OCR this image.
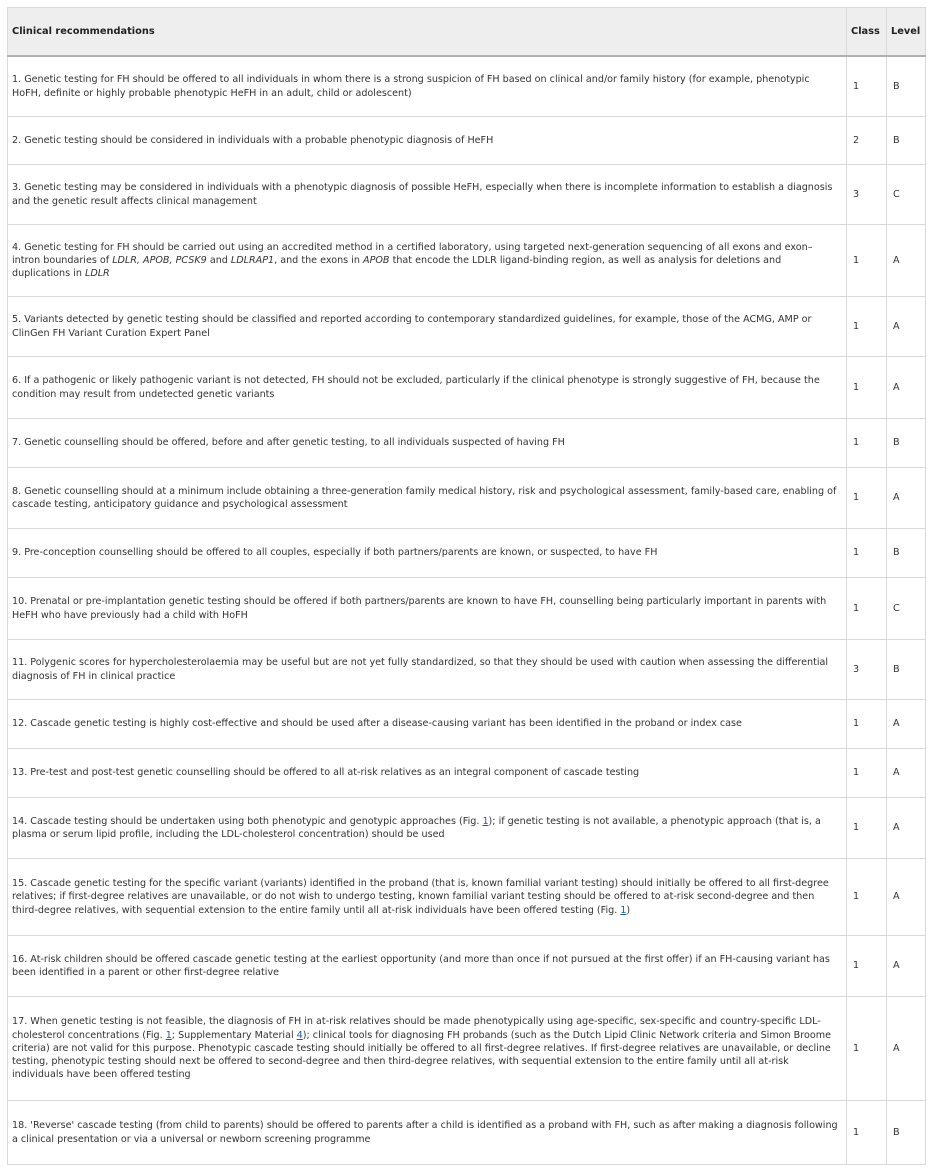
Clinical recommendations	Class	Level
1. Genetic testing for FH should be offered to all individuals in whom there is a strong suspicion of FH based on clinical and/or family history (for example, phenotypic HoFH, definite or highly probable phenotypic HeFH in an adult, child or adolescent)	1	B
2. Genetic testing should be considered in individuals with a probable phenotypic diagnosis of HeFH	2	B
3. Genetic testing may be considered in individuals with a phenotypic diagnosis of possible HeFH, especially when there is incomplete information to establish a diagnosis and the genetic result affects clinical management	3	C
4. Genetic testing for FH should be carried out using an accredited method in a certified laboratory, using targeted next-generation sequencing of all exons and exon–intron boundaries of LDLR, APOB, PCSK9 and LDLRAP1, and the exons in APOB that encode the LDLR ligand-binding region, as well as analysis for deletions and duplications in LDLR	1	A
5. Variants detected by genetic testing should be classified and reported according to contemporary standardized guidelines, for example, those of the ACMG, AMP or ClinGen FH Variant Curation Expert Panel	1	A
6. If a pathogenic or likely pathogenic variant is not detected, FH should not be excluded, particularly if the clinical phenotype is strongly suggestive of FH, because the condition may result from undetected genetic variants	1	A
7. Genetic counselling should be offered, before and after genetic testing, to all individuals suspected of having FH	1	B
8. Genetic counselling should at a minimum include obtaining a three-generation family medical history, risk and psychological assessment, family-based care, enabling of cascade testing, anticipatory guidance and psychological assessment	1	A
9. Pre-conception counselling should be offered to all couples, especially if both partners/parents are known, or suspected, to have FH	1	B
10. Prenatal or pre-implantation genetic testing should be offered if both partners/parents are known to have FH, counselling being particularly important in parents with HeFH who have previously had a child with HoFH	1	C
11. Polygenic scores for hypercholesterolaemia may be useful but are not yet fully standardized, so that they should be used with caution when assessing the differential diagnosis of FH in clinical practice	3	B
12. Cascade genetic testing is highly cost-effective and should be used after a disease-causing variant has been identified in the proband or index case	1	A
13. Pre-test and post-test genetic counselling should be offered to all at-risk relatives as an integral component of cascade testing	1	A
14. Cascade testing should be undertaken using both phenotypic and genotypic approaches (Fig. 1); if genetic testing is not available, a phenotypic approach (that is, a plasma or serum lipid profile, including the LDL-cholesterol concentration) should be used	1	A
15. Cascade genetic testing for the specific variant (variants) identified in the proband (that is, known familial variant testing) should initially be offered to all first-degree relatives; if first-degree relatives are unavailable, or do not wish to undergo testing, known familial variant testing should be offered to at-risk second-degree and then third-degree relatives, with sequential extension to the entire family until all at-risk individuals have been offered testing (Fig. 1)	1	A
16. At-risk children should be offered cascade genetic testing at the earliest opportunity (and more than once if not pursued at the first offer) if an FH-causing variant has been identified in a parent or other first-degree relative	1	A
17. When genetic testing is not feasible, the diagnosis of FH in at-risk relatives should be made phenotypically using age-specific, sex-specific and country-specific LDL-cholesterol concentrations (Fig. 1; Supplementary Material 4); clinical tools for diagnosing FH probands (such as the Dutch Lipid Clinic Network criteria and Simon Broome criteria) are not valid for this purpose. Phenotypic cascade testing should initially be offered to all first-degree relatives. If first-degree relatives are unavailable, or decline testing, phenotypic testing should next be offered to second-degree and then third-degree relatives, with sequential extension to the entire family until all at-risk individuals have been offered testing	1	A
18. 'Reverse' cascade testing (from child to parents) should be offered to parents after a child is identified as a proband with FH, such as after making a diagnosis following a clinical presentation or via a universal or newborn screening programme	1	B
